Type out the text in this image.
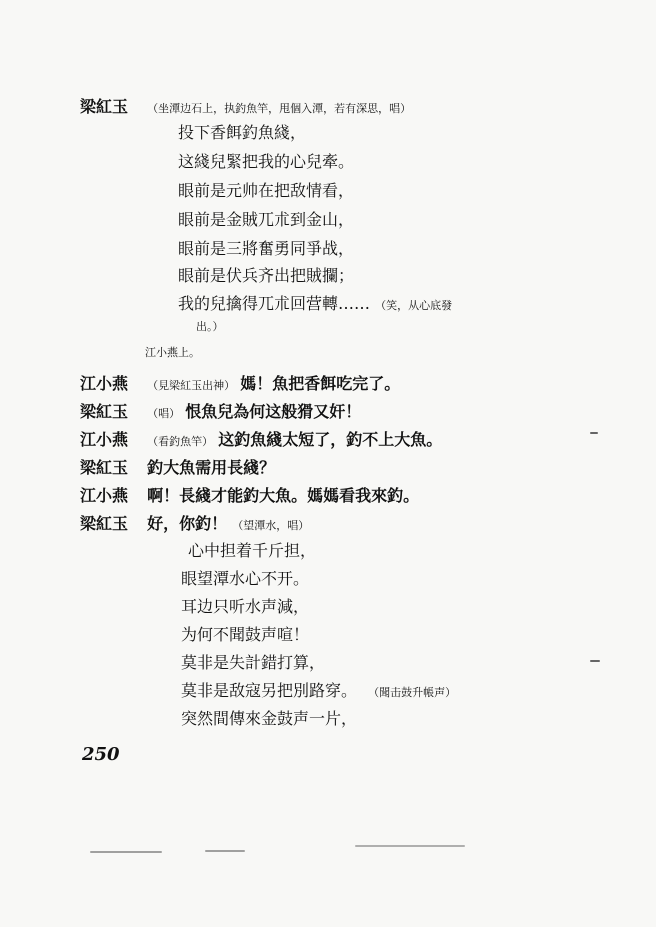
梁紅玉 （坐潭边石上，执釣魚竿，甩個入潭，若有深思，唱）
投下香餌釣魚綫，
这綫兒緊把我的心兒牽。
眼前是元帅在把敌情看，
眼前是金賊兀朮到金山，
眼前是三將奮勇同爭战，
眼前是伏兵齐出把賊攔；
我的兒擒得兀朮回营轉…… （笑，从心底發
出。）
江小燕上。
江小燕 （見梁紅玉出神） 媽！魚把香餌吃完了。
梁紅玉 （唱） 恨魚兒為何这般猾又奸！
江小燕 （看釣魚竿） 这釣魚綫太短了，釣不上大魚。
梁紅玉 釣大魚需用長綫？
江小燕 啊！長綫才能釣大魚。媽媽看我來釣。
梁紅玉 好，你釣！ （望潭水，唱）
心中担着千斤担，
眼望潭水心不开。
耳边只听水声減，
为何不聞鼓声喧！
莫非是失計錯打算，
莫非是敌寇另把別路穿。 （聞击鼓升帳声）
突然間傳來金鼓声一片，
250
